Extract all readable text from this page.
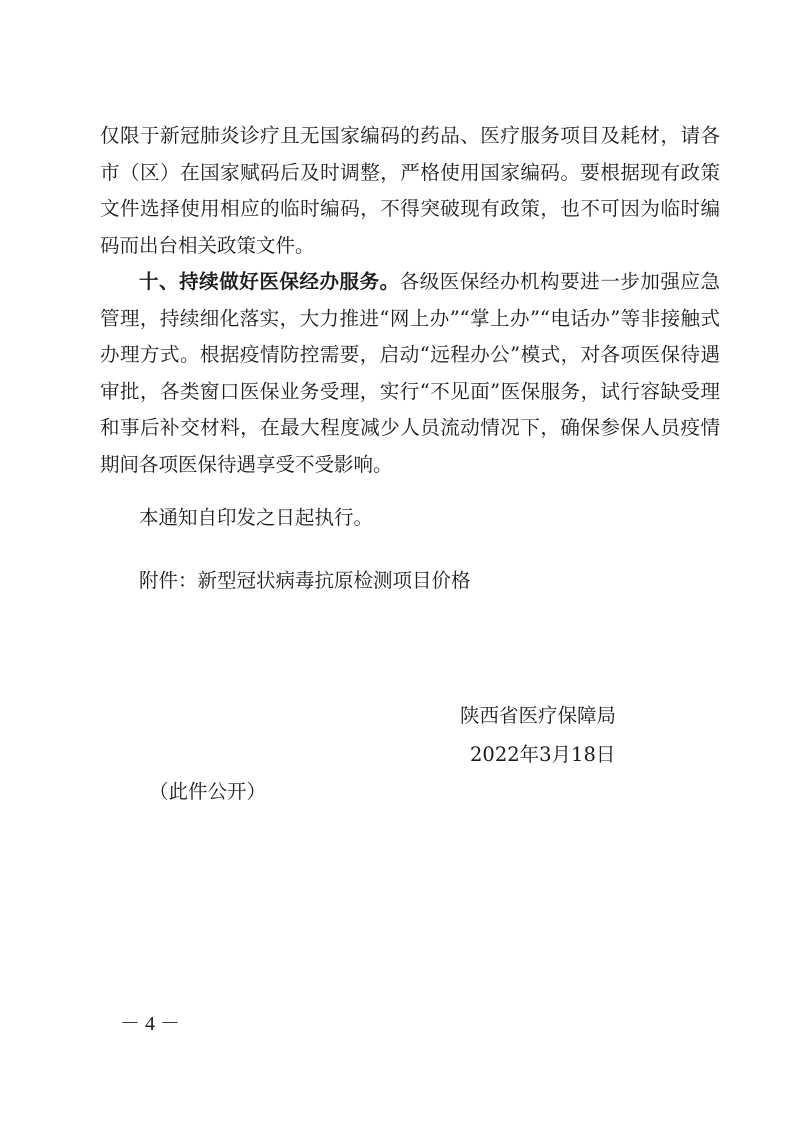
仅限于新冠肺炎诊疗且无国家编码的药品、医疗服务项目及耗材，请各市（区）在国家赋码后及时调整，严格使用国家编码。要根据现有政策文件选择使用相应的临时编码，不得突破现有政策，也不可因为临时编码而出台相关政策文件。

十、持续做好医保经办服务。各级医保经办机构要进一步加强应急管理，持续细化落实，大力推进“网上办”“掌上办”“电话办”等非接触式办理方式。根据疫情防控需要，启动“远程办公”模式，对各项医保待遇审批，各类窗口医保业务受理，实行“不见面”医保服务，试行容缺受理和事后补交材料，在最大程度减少人员流动情况下，确保参保人员疫情期间各项医保待遇享受不受影响。

本通知自印发之日起执行。

附件：新型冠状病毒抗原检测项目价格

陕西省医疗保障局

2022年3月18日

（此件公开）

－ 4 －
